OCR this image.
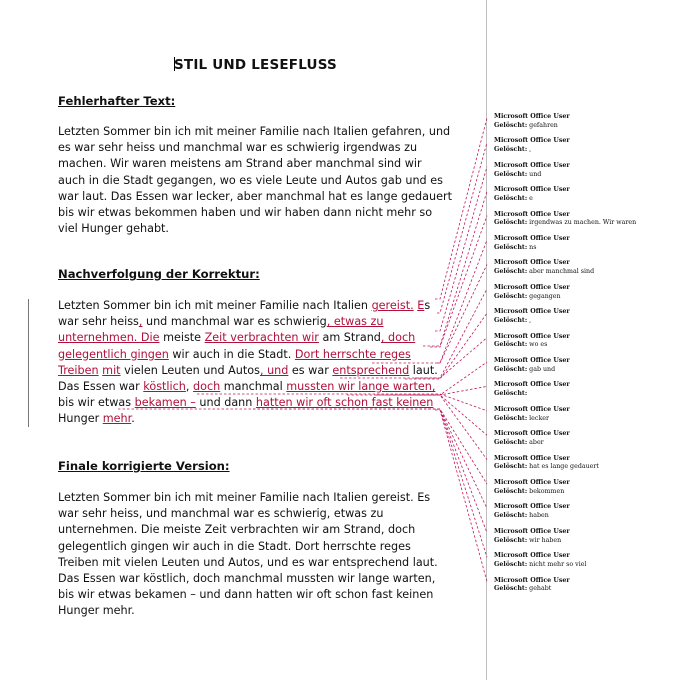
STIL UND LESEFLUSS
Fehlerhafter Text:
Letzten Sommer bin ich mit meiner Familie nach Italien gefahren, und
es war sehr heiss und manchmal war es schwierig irgendwas zu
machen. Wir waren meistens am Strand aber manchmal sind wir
auch in die Stadt gegangen, wo es viele Leute und Autos gab und es
war laut. Das Essen war lecker, aber manchmal hat es lange gedauert
bis wir etwas bekommen haben und wir haben dann nicht mehr so
viel Hunger gehabt.
Nachverfolgung der Korrektur:
Letzten Sommer bin ich mit meiner Familie nach Italien gereist. Es
war sehr heiss, und manchmal war es schwierig, etwas zu
unternehmen. Die meiste Zeit verbrachten wir am Strand, doch
gelegentlich gingen wir auch in die Stadt. Dort herrschte reges
Treiben mit vielen Leuten und Autos, und es war entsprechend laut.
Das Essen war köstlich, doch manchmal mussten wir lange warten,
bis wir etwas bekamen – und dann hatten wir oft schon fast keinen
Hunger mehr.
Finale korrigierte Version:
Letzten Sommer bin ich mit meiner Familie nach Italien gereist. Es
war sehr heiss, und manchmal war es schwierig, etwas zu
unternehmen. Die meiste Zeit verbrachten wir am Strand, doch
gelegentlich gingen wir auch in die Stadt. Dort herrschte reges
Treiben mit vielen Leuten und Autos, und es war entsprechend laut.
Das Essen war köstlich, doch manchmal mussten wir lange warten,
bis wir etwas bekamen – und dann hatten wir oft schon fast keinen
Hunger mehr.
Microsoft Office User
Gelöscht: gefahren
Microsoft Office User
Gelöscht: ,
Microsoft Office User
Gelöscht: und
Microsoft Office User
Gelöscht: e
Microsoft Office User
Gelöscht: irgendwas zu machen. Wir waren
Microsoft Office User
Gelöscht: ns
Microsoft Office User
Gelöscht: aber manchmal sind
Microsoft Office User
Gelöscht: gegangen
Microsoft Office User
Gelöscht: ,
Microsoft Office User
Gelöscht: wo es
Microsoft Office User
Gelöscht: gab und
Microsoft Office User
Gelöscht:
Microsoft Office User
Gelöscht: lecker
Microsoft Office User
Gelöscht: aber
Microsoft Office User
Gelöscht: hat es lange gedauert
Microsoft Office User
Gelöscht: bekommen
Microsoft Office User
Gelöscht: haben
Microsoft Office User
Gelöscht: wir haben
Microsoft Office User
Gelöscht: nicht mehr so viel
Microsoft Office User
Gelöscht: gehabt
